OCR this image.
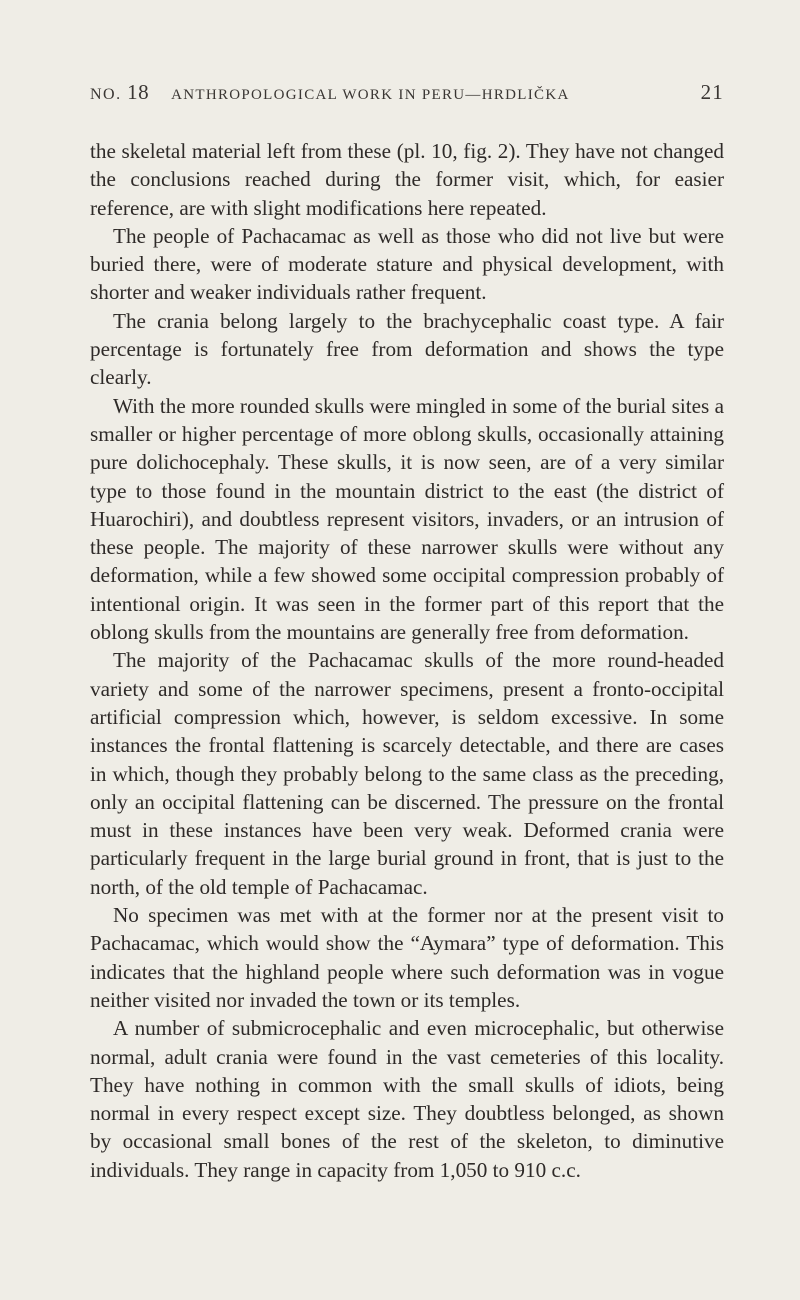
NO. 18 ANTHROPOLOGICAL WORK IN PERU—HRDLIČKA	21

the skeletal material left from these (pl. 10, fig. 2). They have not changed the conclusions reached during the former visit, which, for easier reference, are with slight modifications here repeated.

The people of Pachacamac as well as those who did not live but were buried there, were of moderate stature and physical development, with shorter and weaker individuals rather frequent.

The crania belong largely to the brachycephalic coast type. A fair percentage is fortunately free from deformation and shows the type clearly.

With the more rounded skulls were mingled in some of the burial sites a smaller or higher percentage of more oblong skulls, occasionally attaining pure dolichocephaly. These skulls, it is now seen, are of a very similar type to those found in the mountain district to the east (the district of Huarochiri), and doubtless represent visitors, invaders, or an intrusion of these people. The majority of these narrower skulls were without any deformation, while a few showed some occipital compression probably of intentional origin. It was seen in the former part of this report that the oblong skulls from the mountains are generally free from deformation.

The majority of the Pachacamac skulls of the more round-headed variety and some of the narrower specimens, present a fronto-occipital artificial compression which, however, is seldom excessive. In some instances the frontal flattening is scarcely detectable, and there are cases in which, though they probably belong to the same class as the preceding, only an occipital flattening can be discerned. The pressure on the frontal must in these instances have been very weak. Deformed crania were particularly frequent in the large burial ground in front, that is just to the north, of the old temple of Pachacamac.

No specimen was met with at the former nor at the present visit to Pachacamac, which would show the “Aymara” type of deformation. This indicates that the highland people where such deformation was in vogue neither visited nor invaded the town or its temples.

A number of submicrocephalic and even microcephalic, but otherwise normal, adult crania were found in the vast cemeteries of this locality. They have nothing in common with the small skulls of idiots, being normal in every respect except size. They doubtless belonged, as shown by occasional small bones of the rest of the skeleton, to diminutive individuals. They range in capacity from 1,050 to 910 c.c.
